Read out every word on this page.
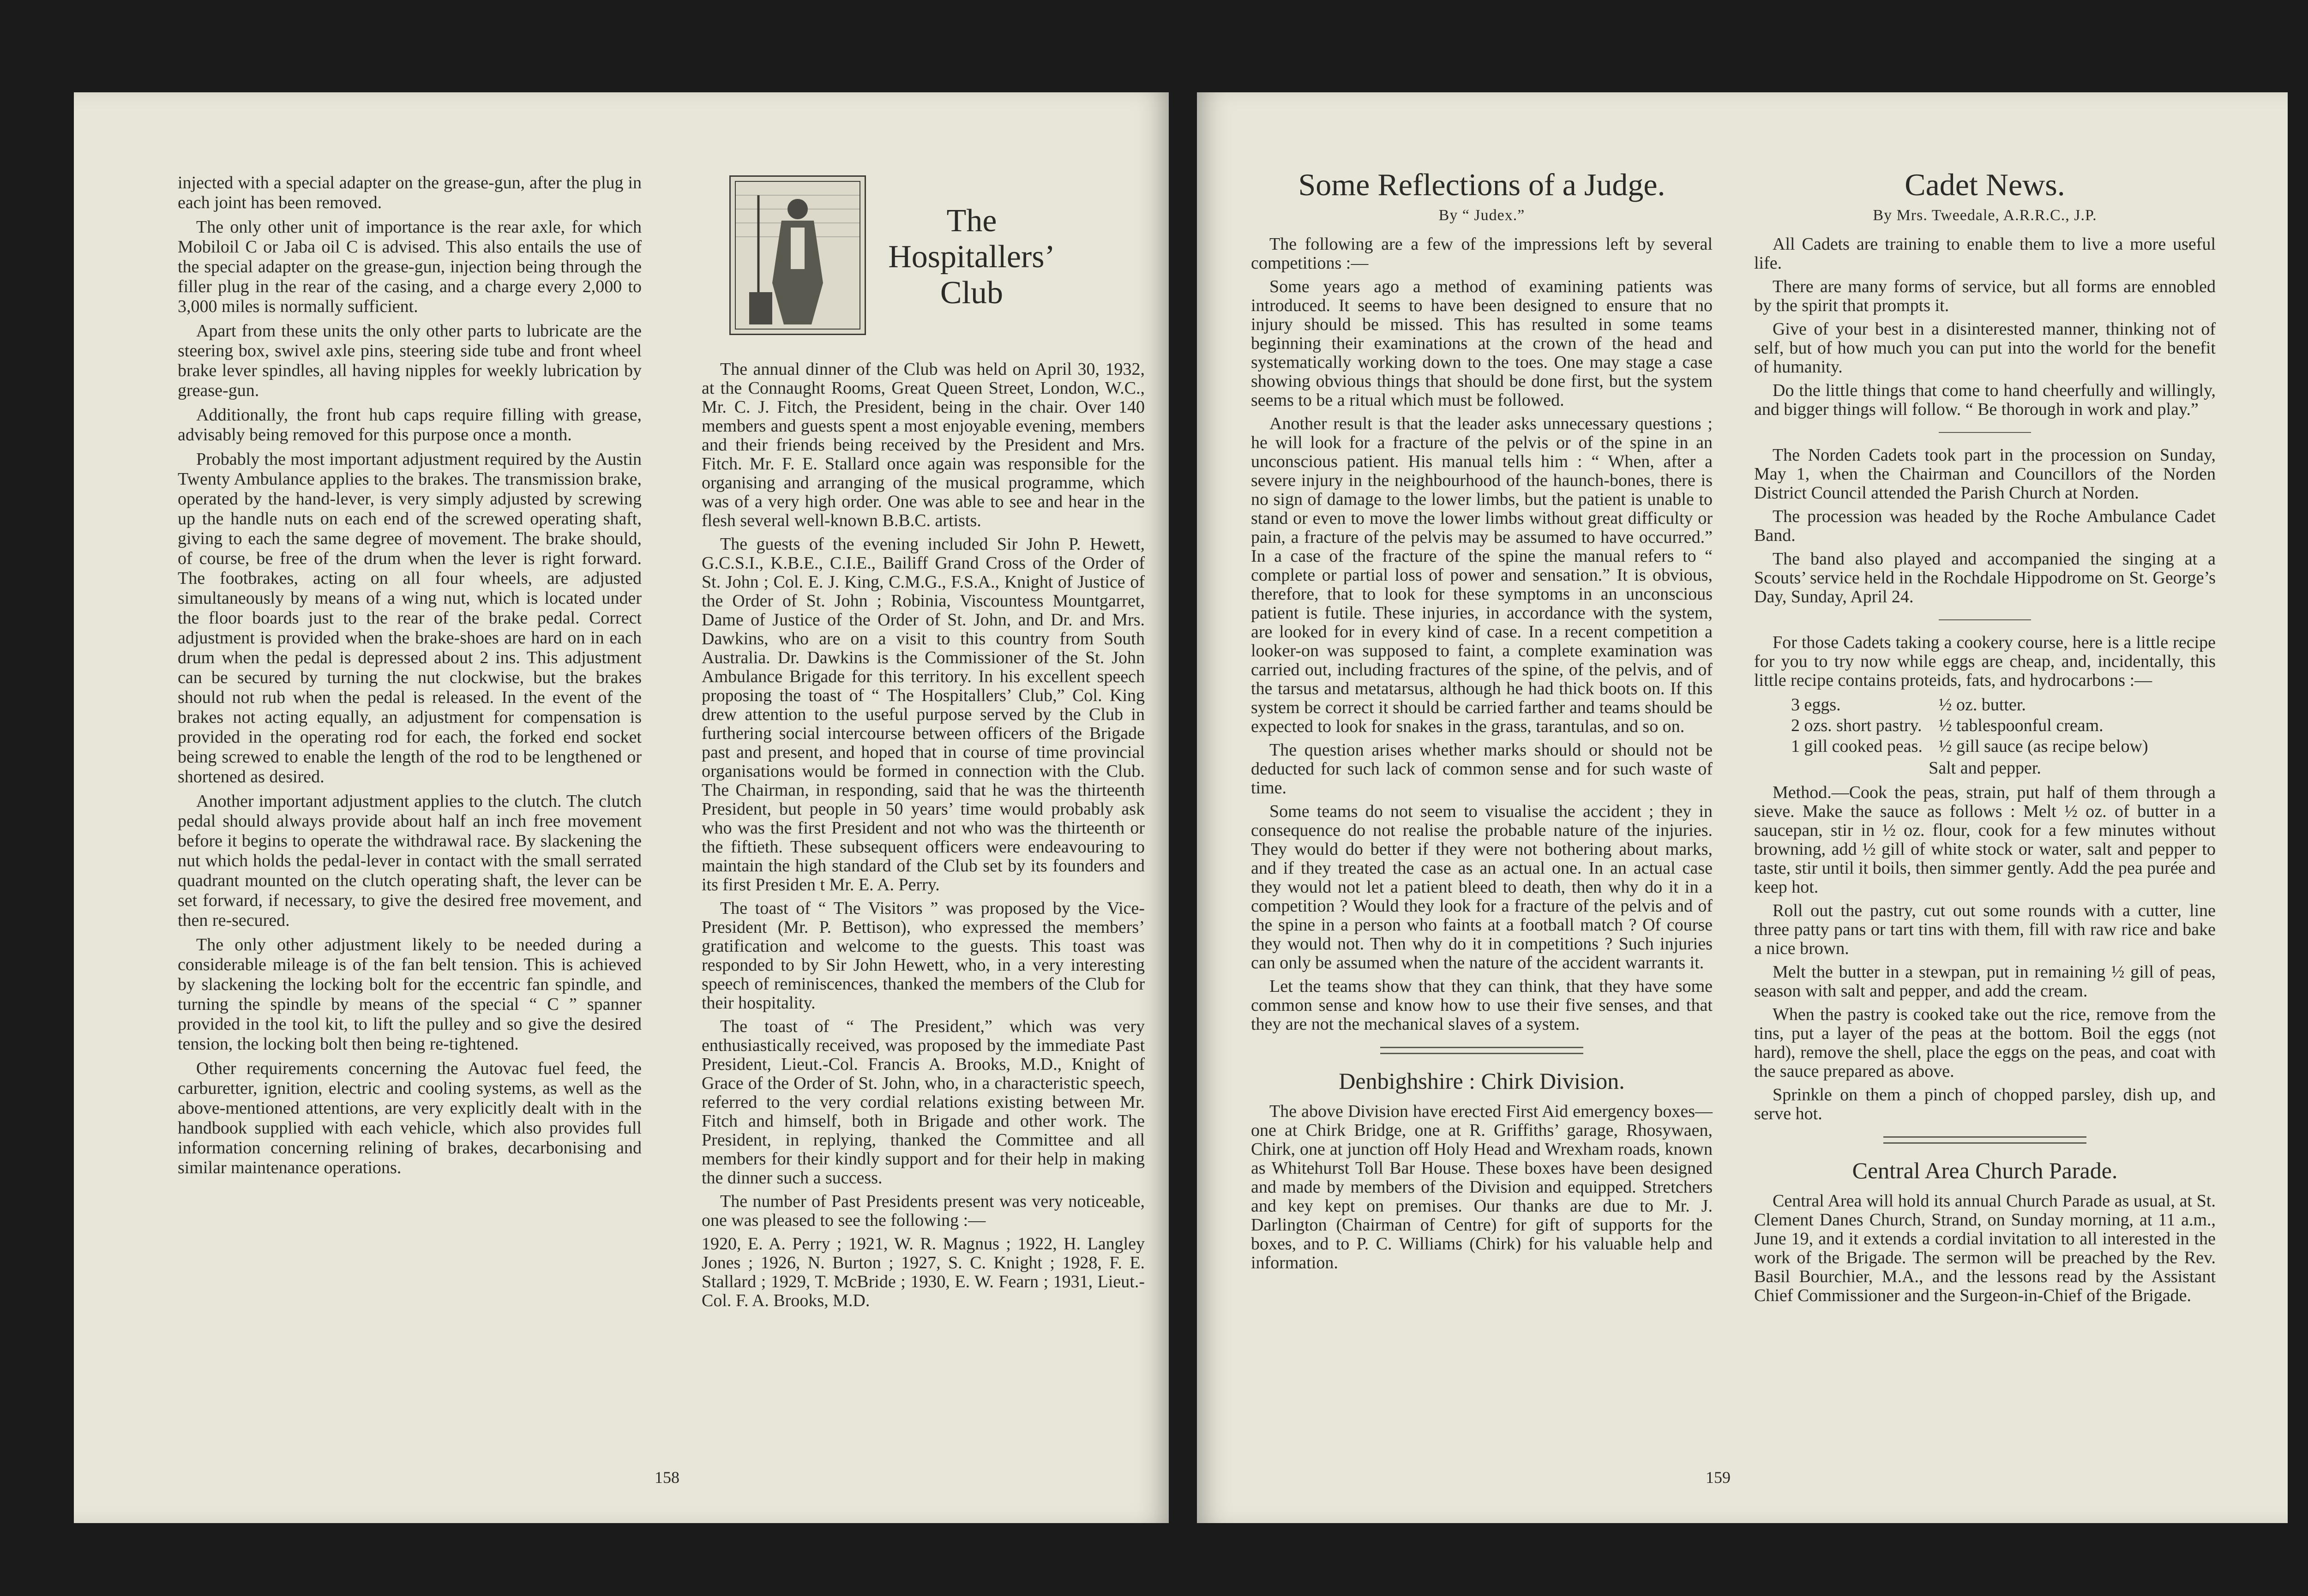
injected with a special adapter on the grease-gun, after the plug in each joint has been removed.

The only other unit of importance is the rear axle, for which Mobiloil C or Jaba oil C is advised. This also entails the use of the special adapter on the grease-gun, injection being through the filler plug in the rear of the casing, and a charge every 2,000 to 3,000 miles is normally sufficient.

Apart from these units the only other parts to lubricate are the steering box, swivel axle pins, steering side tube and front wheel brake lever spindles, all having nipples for weekly lubrication by grease-gun.

Additionally, the front hub caps require filling with grease, advisably being removed for this purpose once a month.

Probably the most important adjustment required by the Austin Twenty Ambulance applies to the brakes. The transmission brake, operated by the hand-lever, is very simply adjusted by screwing up the handle nuts on each end of the screwed operating shaft, giving to each the same degree of movement. The brake should, of course, be free of the drum when the lever is right forward. The footbrakes, acting on all four wheels, are adjusted simultaneously by means of a wing nut, which is located under the floor boards just to the rear of the brake pedal. Correct adjustment is provided when the brake-shoes are hard on in each drum when the pedal is depressed about 2 ins. This adjustment can be secured by turning the nut clockwise, but the brakes should not rub when the pedal is released. In the event of the brakes not acting equally, an adjustment for compensation is provided in the operating rod for each, the forked end socket being screwed to enable the length of the rod to be lengthened or shortened as desired.

Another important adjustment applies to the clutch. The clutch pedal should always provide about half an inch free movement before it begins to operate the withdrawal race. By slackening the nut which holds the pedal-lever in contact with the small serrated quadrant mounted on the clutch operating shaft, the lever can be set forward, if necessary, to give the desired free movement, and then re-secured.

The only other adjustment likely to be needed during a considerable mileage is of the fan belt tension. This is achieved by slackening the locking bolt for the eccentric fan spindle, and turning the spindle by means of the special “ C ” spanner provided in the tool kit, to lift the pulley and so give the desired tension, the locking bolt then being re-tightened.

Other requirements concerning the Autovac fuel feed, the carburetter, ignition, electric and cooling systems, as well as the above-mentioned attentions, are very explicitly dealt with in the handbook supplied with each vehicle, which also provides full information concerning relining of brakes, decarbonising and similar maintenance operations.

The
Hospitallers’
Club

The annual dinner of the Club was held on April 30, 1932, at the Connaught Rooms, Great Queen Street, London, W.C., Mr. C. J. Fitch, the President, being in the chair. Over 140 members and guests spent a most enjoyable evening, members and their friends being received by the President and Mrs. Fitch. Mr. F. E. Stallard once again was responsible for the organising and arranging of the musical programme, which was of a very high order. One was able to see and hear in the flesh several well-known B.B.C. artists.

The guests of the evening included Sir John P. Hewett, G.C.S.I., K.B.E., C.I.E., Bailiff Grand Cross of the Order of St. John ; Col. E. J. King, C.M.G., F.S.A., Knight of Justice of the Order of St. John ; Robinia, Viscountess Mountgarret, Dame of Justice of the Order of St. John, and Dr. and Mrs. Dawkins, who are on a visit to this country from South Australia. Dr. Dawkins is the Commissioner of the St. John Ambulance Brigade for this territory. In his excellent speech proposing the toast of “ The Hospitallers’ Club,” Col. King drew attention to the useful purpose served by the Club in furthering social intercourse between officers of the Brigade past and present, and hoped that in course of time provincial organisations would be formed in connection with the Club. The Chairman, in responding, said that he was the thirteenth President, but people in 50 years’ time would probably ask who was the first President and not who was the thirteenth or the fiftieth. These subsequent officers were endeavouring to maintain the high standard of the Club set by its founders and its first Presiden t Mr. E. A. Perry.

The toast of “ The Visitors ” was proposed by the Vice-President (Mr. P. Bettison), who expressed the members’ gratification and welcome to the guests. This toast was responded to by Sir John Hewett, who, in a very interesting speech of reminiscences, thanked the members of the Club for their hospitality.

The toast of “ The President,” which was very enthusiastically received, was proposed by the immediate Past President, Lieut.-Col. Francis A. Brooks, M.D., Knight of Grace of the Order of St. John, who, in a characteristic speech, referred to the very cordial relations existing between Mr. Fitch and himself, both in Brigade and other work. The President, in replying, thanked the Committee and all members for their kindly support and for their help in making the dinner such a success.

The number of Past Presidents present was very noticeable, one was pleased to see the following :—

1920, E. A. Perry ; 1921, W. R. Magnus ; 1922, H. Langley Jones ; 1926, N. Burton ; 1927, S. C. Knight ; 1928, F. E. Stallard ; 1929, T. McBride ; 1930, E. W. Fearn ; 1931, Lieut.-Col. F. A. Brooks, M.D.

158
Some Reflections of a Judge.
By “ Judex.”

The following are a few of the impressions left by several competitions :—

Some years ago a method of examining patients was introduced. It seems to have been designed to ensure that no injury should be missed. This has resulted in some teams beginning their examinations at the crown of the head and systematically working down to the toes. One may stage a case showing obvious things that should be done first, but the system seems to be a ritual which must be followed.

Another result is that the leader asks unnecessary questions ; he will look for a fracture of the pelvis or of the spine in an unconscious patient. His manual tells him : “ When, after a severe injury in the neighbourhood of the haunch-bones, there is no sign of damage to the lower limbs, but the patient is unable to stand or even to move the lower limbs without great difficulty or pain, a fracture of the pelvis may be assumed to have occurred.” In a case of the fracture of the spine the manual refers to “ complete or partial loss of power and sensation.” It is obvious, therefore, that to look for these symptoms in an unconscious patient is futile. These injuries, in accordance with the system, are looked for in every kind of case. In a recent competition a looker-on was supposed to faint, a complete examination was carried out, including fractures of the spine, of the pelvis, and of the tarsus and metatarsus, although he had thick boots on. If this system be correct it should be carried farther and teams should be expected to look for snakes in the grass, tarantulas, and so on.

The question arises whether marks should or should not be deducted for such lack of common sense and for such waste of time.

Some teams do not seem to visualise the accident ; they in consequence do not realise the probable nature of the injuries. They would do better if they were not bothering about marks, and if they treated the case as an actual one. In an actual case they would not let a patient bleed to death, then why do it in a competition ? Would they look for a fracture of the pelvis and of the spine in a person who faints at a football match ? Of course they would not. Then why do it in competitions ? Such injuries can only be assumed when the nature of the accident warrants it.

Let the teams show that they can think, that they have some common sense and know how to use their five senses, and that they are not the mechanical slaves of a system.

Denbighshire : Chirk Division.

The above Division have erected First Aid emergency boxes—one at Chirk Bridge, one at R. Griffiths’ garage, Rhosywaen, Chirk, one at junction off Holy Head and Wrexham roads, known as Whitehurst Toll Bar House. These boxes have been designed and made by members of the Division and equipped. Stretchers and key kept on premises. Our thanks are due to Mr. J. Darlington (Chairman of Centre) for gift of supports for the boxes, and to P. C. Williams (Chirk) for his valuable help and information.

Cadet News.
By Mrs. Tweedale, A.R.R.C., J.P.

All Cadets are training to enable them to live a more useful life.

There are many forms of service, but all forms are ennobled by the spirit that prompts it.

Give of your best in a disinterested manner, thinking not of self, but of how much you can put into the world for the benefit of humanity.

Do the little things that come to hand cheerfully and willingly, and bigger things will follow. “ Be thorough in work and play.”

The Norden Cadets took part in the procession on Sunday, May 1, when the Chairman and Councillors of the Norden District Council attended the Parish Church at Norden.

The procession was headed by the Roche Ambulance Cadet Band.

The band also played and accompanied the singing at a Scouts’ service held in the Rochdale Hippodrome on St. George’s Day, Sunday, April 24.

For those Cadets taking a cookery course, here is a little recipe for you to try now while eggs are cheap, and, incidentally, this little recipe contains proteids, fats, and hydrocarbons :—

3 eggs.	½ oz. butter.
2 ozs. short pastry. ½ tablespoonful cream.
1 gill cooked peas. ½ gill sauce (as recipe below)
Salt and pepper.

Method.—Cook the peas, strain, put half of them through a sieve. Make the sauce as follows : Melt ½ oz. of butter in a saucepan, stir in ½ oz. flour, cook for a few minutes without browning, add ½ gill of white stock or water, salt and pepper to taste, stir until it boils, then simmer gently. Add the pea purée and keep hot.

Roll out the pastry, cut out some rounds with a cutter, line three patty pans or tart tins with them, fill with raw rice and bake a nice brown.

Melt the butter in a stewpan, put in remaining ½ gill of peas, season with salt and pepper, and add the cream.

When the pastry is cooked take out the rice, remove from the tins, put a layer of the peas at the bottom. Boil the eggs (not hard), remove the shell, place the eggs on the peas, and coat with the sauce prepared as above.

Sprinkle on them a pinch of chopped parsley, dish up, and serve hot.

Central Area Church Parade.

Central Area will hold its annual Church Parade as usual, at St. Clement Danes Church, Strand, on Sunday morning, at 11 a.m., June 19, and it extends a cordial invitation to all interested in the work of the Brigade. The sermon will be preached by the Rev. Basil Bourchier, M.A., and the lessons read by the Assistant Chief Commissioner and the Surgeon-in-Chief of the Brigade.

159
